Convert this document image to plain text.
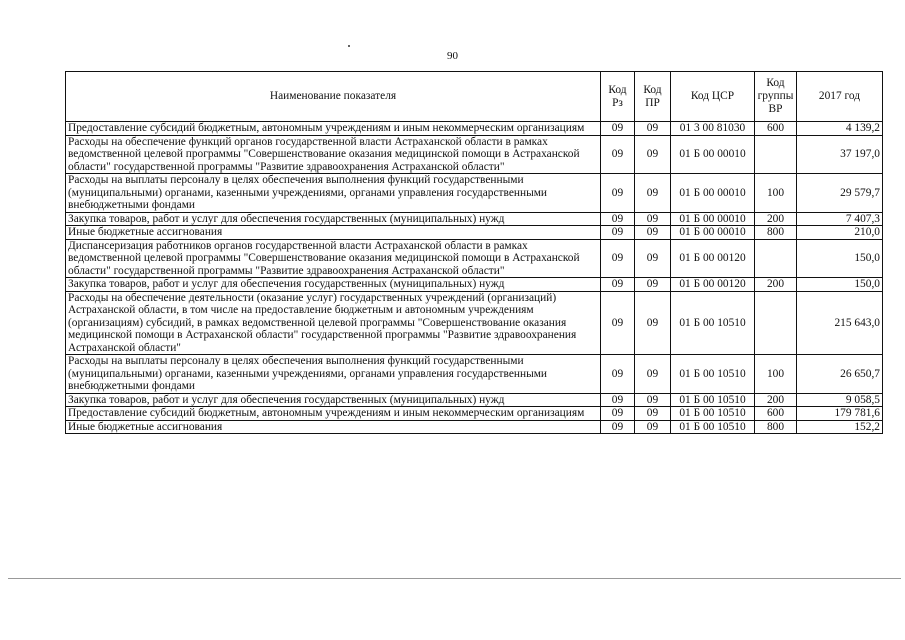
90
Наименование показателя	Код Рз	Код ПР	Код ЦСР	Код группы ВР	2017 год
Предоставление субсидий бюджетным, автономным учреждениям и иным некоммерческим организациям	09	09	01 3 00 81030	600	4 139,2
Расходы на обеспечение функций органов государственной власти Астраханской области в рамках ведомственной целевой программы "Совершенствование оказания медицинской помощи в Астраханской области" государственной программы "Развитие здравоохранения Астраханской области"	09	09	01 Б 00 00010		37 197,0
Расходы на выплаты персоналу в целях обеспечения выполнения функций государственными (муниципальными) органами, казенными учреждениями, органами управления государственными внебюджетными фондами	09	09	01 Б 00 00010	100	29 579,7
Закупка товаров, работ и услуг для обеспечения государственных (муниципальных) нужд	09	09	01 Б 00 00010	200	7 407,3
Иные бюджетные ассигнования	09	09	01 Б 00 00010	800	210,0
Диспансеризация работников органов государственной власти Астраханской области в рамках ведомственной целевой программы "Совершенствование оказания медицинской помощи в Астраханской области" государственной программы "Развитие здравоохранения Астраханской области"	09	09	01 Б 00 00120		150,0
Закупка товаров, работ и услуг для обеспечения государственных (муниципальных) нужд	09	09	01 Б 00 00120	200	150,0
Расходы на обеспечение деятельности (оказание услуг) государственных учреждений (организаций) Астраханской области, в том числе на предоставление бюджетным и автономным учреждениям (организациям) субсидий, в рамках ведомственной целевой программы "Совершенствование оказания медицинской помощи в Астраханской области" государственной программы "Развитие здравоохранения Астраханской области"	09	09	01 Б 00 10510		215 643,0
Расходы на выплаты персоналу в целях обеспечения выполнения функций государственными (муниципальными) органами, казенными учреждениями, органами управления государственными внебюджетными фондами	09	09	01 Б 00 10510	100	26 650,7
Закупка товаров, работ и услуг для обеспечения государственных (муниципальных) нужд	09	09	01 Б 00 10510	200	9 058,5
Предоставление субсидий бюджетным, автономным учреждениям и иным некоммерческим организациям	09	09	01 Б 00 10510	600	179 781,6
Иные бюджетные ассигнования	09	09	01 Б 00 10510	800	152,2
